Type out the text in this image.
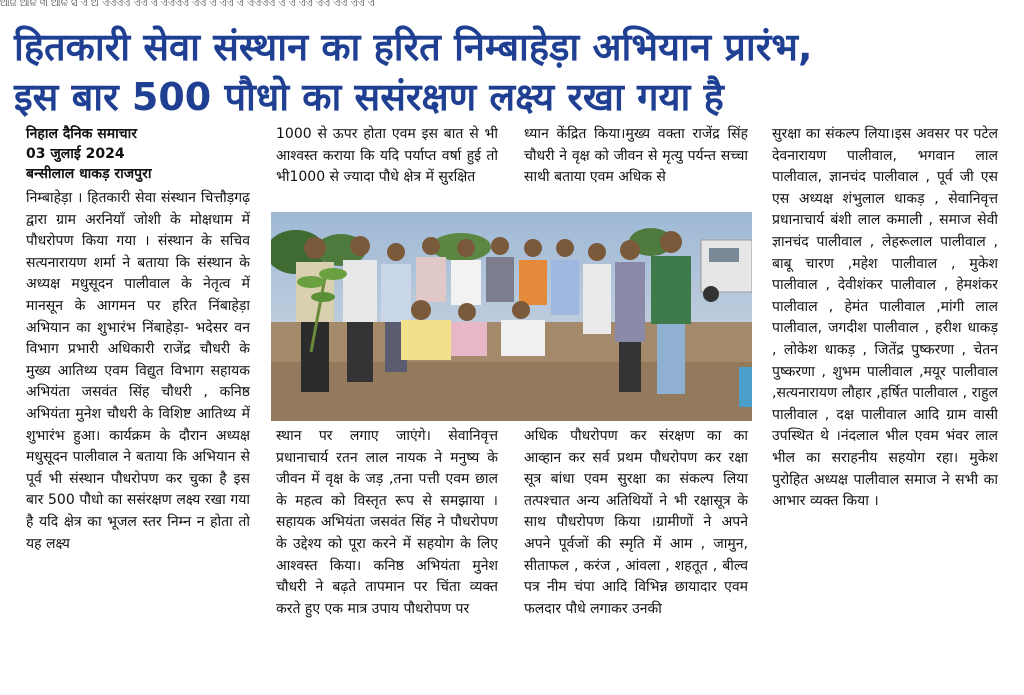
ଆଜ ଆଳ ୩ ଆଳ ସ ଏ ଅ ଏଏଏଏ ଏଏ ଏ ଏଏଏଏ ଏଏ ଏ ଏଏ ଏ ଏଏଏଏ ଏ ଏ ଏଏ ଏଏ ଏଏ ଏଏ ଏ
हितकारी सेवा संस्थान का हरित निम्बाहेड़ा अभियान प्रारंभ,
इस बार 500 पौधो का ससंरक्षण लक्ष्य रखा गया है
निहाल दैनिक समाचार
03 जुलाई 2024
बन्सीलाल धाकड़ राजपुरा

निम्बाहेड़ा । हितकारी सेवा संस्थान चित्तौड़गढ़ द्वारा ग्राम अरनियाँ जोशी के मोक्षधाम में पौधरोपण किया गया । संस्थान के सचिव सत्यनारायण शर्मा ने बताया कि संस्थान के अध्यक्ष मधुसूदन पालीवाल के नेतृत्व में मानसून के आगमन पर हरित निंबाहेड़ा अभियान का शुभारंभ निंबाहेड़ा- भदेसर वन विभाग प्रभारी अधिकारी राजेंद्र चौधरी के मुख्य आतिथ्य एवम विद्युत विभाग सहायक अभियंता जसवंत सिंह चौधरी , कनिष्ठ अभियंता मुनेश चौधरी के विशिष्ट आतिथ्य में शुभारंभ हुआ। कार्यक्रम के दौरान अध्यक्ष मधुसूदन पालीवाल ने बताया कि अभियान से पूर्व भी संस्थान पौधरोपण कर चुका है इस बार 500 पौधो का ससंरक्षण लक्ष्य रखा गया है यदि क्षेत्र का भूजल स्तर निम्न न होता तो यह लक्ष्य

1000 से ऊपर होता एवम इस बात से भी आश्वस्त कराया कि यदि पर्याप्त वर्षा हुई तो भी1000 से ज्यादा पौधे क्षेत्र में सुरक्षित

स्थान पर लगाए जाएंगे। सेवानिवृत्त प्रधानाचार्य रतन लाल नायक ने मनुष्य के जीवन में वृक्ष के जड़ ,तना पत्ती एवम छाल के महत्व को विस्तृत रूप से समझाया । सहायक अभियंता जसवंत सिंह ने पौधरोपण के उद्देश्य को पूरा करने में सहयोग के लिए आश्वस्त किया। कनिष्ठ अभियंता मुनेश चौधरी ने बढ़ते तापमान पर चिंता व्यक्त करते हुए एक मात्र उपाय पौधरोपण पर

ध्यान केंद्रित किया।मुख्य वक्ता राजेंद्र सिंह चौधरी ने वृक्ष को जीवन से मृत्यु पर्यन्त सच्चा साथी बताया एवम अधिक से

अधिक पौधरोपण कर संरक्षण का का आव्हान कर सर्व प्रथम पौधरोपण कर रक्षा सूत्र बांधा एवम सुरक्षा का संकल्प लिया तत्पश्चात अन्य अतिथियों ने भी रक्षासूत्र के साथ पौधरोपण किया ।ग्रामीणों ने अपने अपने पूर्वजों की स्मृति में आम , जामुन, सीताफल , करंज , आंवला , शहतूत , बील्व पत्र नीम चंपा आदि विभिन्न छायादार एवम फलदार पौधे लगाकर उनकी

सुरक्षा का संकल्प लिया।इस अवसर पर पटेल देवनारायण पालीवाल, भगवान लाल पालीवाल, ज्ञानचंद पालीवाल , पूर्व जी एस एस अध्यक्ष शंभुलाल धाकड़ , सेवानिवृत्त प्रधानाचार्य बंशी लाल कमाली , समाज सेवी ज्ञानचंद पालीवाल , लेहरूलाल पालीवाल , बाबू चारण ,महेश पालीवाल , मुकेश पालीवाल , देवीशंकर पालीवाल , हेमशंकर पालीवाल , हेमंत पालीवाल ,मांगी लाल पालीवाल, जगदीश पालीवाल , हरीश धाकड़ , लोकेश धाकड़ , जितेंद्र पुष्करणा , चेतन पुष्करणा , शुभम पालीवाल ,मयूर पालीवाल ,सत्यनारायण लौहार ,हर्षित पालीवाल , राहुल पालीवाल , दक्ष पालीवाल आदि ग्राम वासी उपस्थित थे ।नंदलाल भील एवम भंवर लाल भील का सराहनीय सहयोग रहा। मुकेश पुरोहित अध्यक्ष पालीवाल समाज ने सभी का आभार व्यक्त किया ।
